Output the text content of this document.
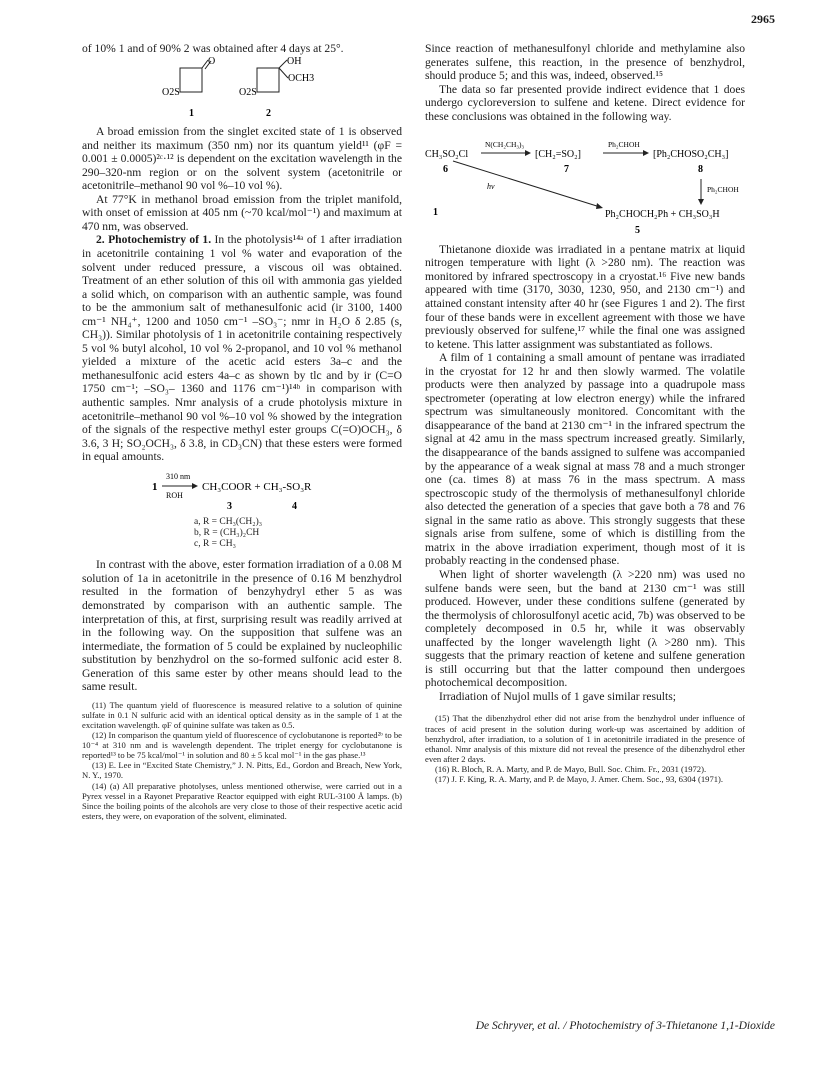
2965

of 10% 1 and of 90% 2 was obtained after 4 days at 25°.

O
O2S
1
OH
OCH3
O2S
2

A broad emission from the singlet excited state of 1 is observed and neither its maximum (350 nm) nor its quantum yield¹¹ (φF = 0.001 ± 0.0005)²ᶜ·¹² is dependent on the excitation wavelength in the 290–320-nm region or on the solvent system (acetonitrile or acetonitrile–methanol 90 vol %–10 vol %).

At 77°K in methanol broad emission from the triplet manifold, with onset of emission at 405 nm (~70 kcal/mol⁻¹) and maximum at 470 nm, was observed.

2. Photochemistry of 1. In the photolysis¹⁴ᵃ of 1 after irradiation in acetonitrile containing 1 vol % water and evaporation of the solvent under reduced pressure, a viscous oil was obtained. Treatment of an ether solution of this oil with ammonia gas yielded a solid which, on comparison with an authentic sample, was found to be the ammonium salt of methanesulfonic acid (ir 3100, 1400 cm⁻¹ NH₄⁺, 1200 and 1050 cm⁻¹ –SO₃⁻; nmr in H₂O δ 2.85 (s, CH₃)). Similar photolysis of 1 in acetonitrile containing respectively 5 vol % butyl alcohol, 10 vol % 2-propanol, and 10 vol % methanol yielded a mixture of the acetic acid esters 3a–c and the methanesulfonic acid esters 4a–c as shown by tlc and by ir (C=O 1750 cm⁻¹; –SO₃– 1360 and 1176 cm⁻¹)¹⁴ᵇ in comparison with authentic samples. Nmr analysis of a crude photolysis mixture in acetonitrile–methanol 90 vol %–10 vol % showed by the integration of the signals of the respective methyl ester groups C(=O)OCH₃, δ 3.6, 3 H; SO₂OCH₃, δ 3.8, in CD₃CN) that these esters were formed in equal amounts.

1
310 nm
ROH
CH₃COOR + CH₃-SO₃R
3	4
a, R = CH₃(CH₂)₃
b, R = (CH₃)₂CH
c, R = CH₃

In contrast with the above, ester formation irradiation of a 0.08 M solution of 1a in acetonitrile in the presence of 0.16 M benzhydrol resulted in the formation of benzyhydryl ether 5 as was demonstrated by comparison with an authentic sample. The interpretation of this, at first, surprising result was readily arrived at in the following way. On the supposition that sulfene was an intermediate, the formation of 5 could be explained by nucleophilic substitution by benzhydrol on the so-formed sulfonic acid ester 8. Generation of this same ester by other means should lead to the same result.

(11) The quantum yield of fluorescence is measured relative to a solution of quinine sulfate in 0.1 N sulfuric acid with an identical optical density as in the sample of 1 at the excitation wavelength. φF of quinine sulfate was taken as 0.5.

(12) In comparison the quantum yield of fluorescence of cyclobutanone is reported²ᵇ to be 10⁻⁴ at 310 nm and is wavelength dependent. The triplet energy for cyclobutanone is reported¹³ to be 75 kcal/mol⁻¹ in solution and 80 ± 5 kcal mol⁻¹ in the gas phase.¹³

(13) E. Lee in “Excited State Chemistry,” J. N. Pitts, Ed., Gordon and Breach, New York, N. Y., 1970.

(14) (a) All preparative photolyses, unless mentioned otherwise, were carried out in a Pyrex vessel in a Rayonet Preparative Reactor equipped with eight RUL-3100 Å lamps. (b) Since the boiling points of the alcohols are very close to those of their respective acetic acid esters, they were, on evaporation of the solvent, eliminated.

Since reaction of methanesulfonyl chloride and methylamine also generates sulfene, this reaction, in the presence of benzhydrol, should produce 5; and this was, indeed, observed.¹⁵

The data so far presented provide indirect evidence that 1 does undergo cycloreversion to sulfene and ketene. Direct evidence for these conclusions was obtained in the following way.

CH₃SO₂Cl
6
N(CH₂CH₃)₃
[CH₂=SO₂]
7
Ph₂CHOH
[Ph₂CHOSO₂CH₃]
8
Ph₂CHOH
hν
1	Ph₂CHOCH₂Ph + CH₃SO₃H
5

Thietanone dioxide was irradiated in a pentane matrix at liquid nitrogen temperature with light (λ >280 nm). The reaction was monitored by infrared spectroscopy in a cryostat.¹⁶ Five new bands appeared with time (3170, 3030, 1230, 950, and 2130 cm⁻¹) and attained constant intensity after 40 hr (see Figures 1 and 2). The first four of these bands were in excellent agreement with those we have previously observed for sulfene,¹⁷ while the final one was assigned to ketene. This latter assignment was substantiated as follows.

A film of 1 containing a small amount of pentane was irradiated in the cryostat for 12 hr and then slowly warmed. The volatile products were then analyzed by passage into a quadrupole mass spectrometer (operating at low electron energy) while the infrared spectrum was simultaneously monitored. Concomitant with the disappearance of the band at 2130 cm⁻¹ in the infrared spectrum the signal at 42 amu in the mass spectrum increased greatly. Similarly, the disappearance of the bands assigned to sulfene was accompanied by the appearance of a weak signal at mass 78 and a much stronger one (ca. times 8) at mass 76 in the mass spectrum. A mass spectroscopic study of the thermolysis of methanesulfonyl chloride also detected the generation of a species that gave both a 78 and 76 signal in the same ratio as above. This strongly suggests that these signals arise from sulfene, some of which is distilling from the matrix in the above irradiation experiment, though most of it is probably reacting in the condensed phase.

When light of shorter wavelength (λ >220 nm) was used no sulfene bands were seen, but the band at 2130 cm⁻¹ was still produced. However, under these conditions sulfene (generated by the thermolysis of chlorosulfonyl acetic acid, 7b) was observed to be completely decomposed in 0.5 hr, while it was observably unaffected by the longer wavelength light (λ >280 nm). This suggests that the primary reaction of ketene and sulfene generation is still occurring but that the latter compound then undergoes photochemical decomposition.

Irradiation of Nujol mulls of 1 gave similar results;

(15) That the dibenzhydrol ether did not arise from the benzhydrol under influence of traces of acid present in the solution during work-up was ascertained by addition of benzhydrol, after irradiation, to a solution of 1 in acetonitrile irradiated in the presence of ethanol. Nmr analysis of this mixture did not reveal the presence of the dibenzhydrol ether even after 2 days.

(16) R. Bloch, R. A. Marty, and P. de Mayo, Bull. Soc. Chim. Fr., 2031 (1972).

(17) J. F. King, R. A. Marty, and P. de Mayo, J. Amer. Chem. Soc., 93, 6304 (1971).

De Schryver, et al. / Photochemistry of 3-Thietanone 1,1-Dioxide
